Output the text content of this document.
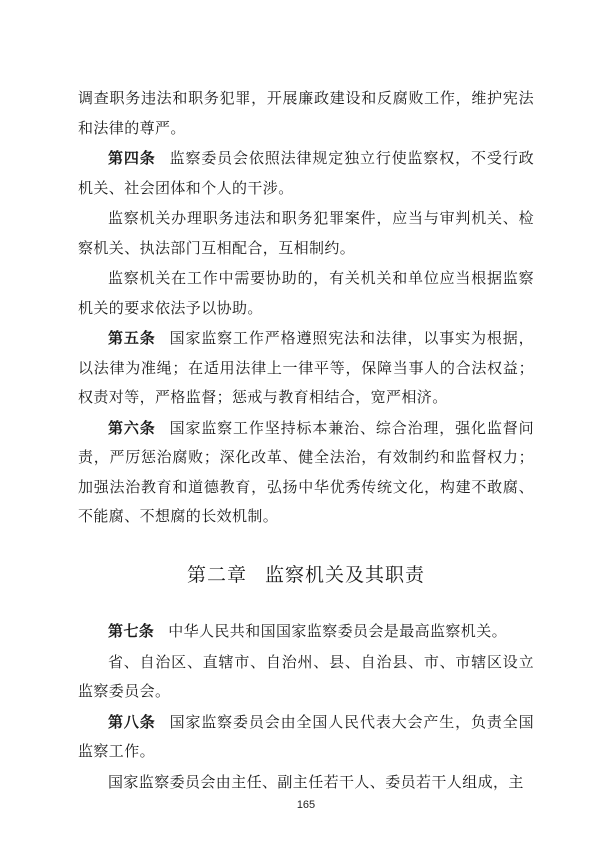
调查职务违法和职务犯罪，开展廉政建设和反腐败工作，维护宪法和法律的尊严。

第四条 监察委员会依照法律规定独立行使监察权，不受行政机关、社会团体和个人的干涉。

监察机关办理职务违法和职务犯罪案件，应当与审判机关、检察机关、执法部门互相配合，互相制约。

监察机关在工作中需要协助的，有关机关和单位应当根据监察机关的要求依法予以协助。

第五条 国家监察工作严格遵照宪法和法律，以事实为根据，以法律为准绳；在适用法律上一律平等，保障当事人的合法权益；权责对等，严格监督；惩戒与教育相结合，宽严相济。

第六条 国家监察工作坚持标本兼治、综合治理，强化监督问责，严厉惩治腐败；深化改革、健全法治，有效制约和监督权力；加强法治教育和道德教育，弘扬中华优秀传统文化，构建不敢腐、不能腐、不想腐的长效机制。

第二章 监察机关及其职责

第七条 中华人民共和国国家监察委员会是最高监察机关。

省、自治区、直辖市、自治州、县、自治县、市、市辖区设立监察委员会。

第八条 国家监察委员会由全国人民代表大会产生，负责全国监察工作。

国家监察委员会由主任、副主任若干人、委员若干人组成，主

165
